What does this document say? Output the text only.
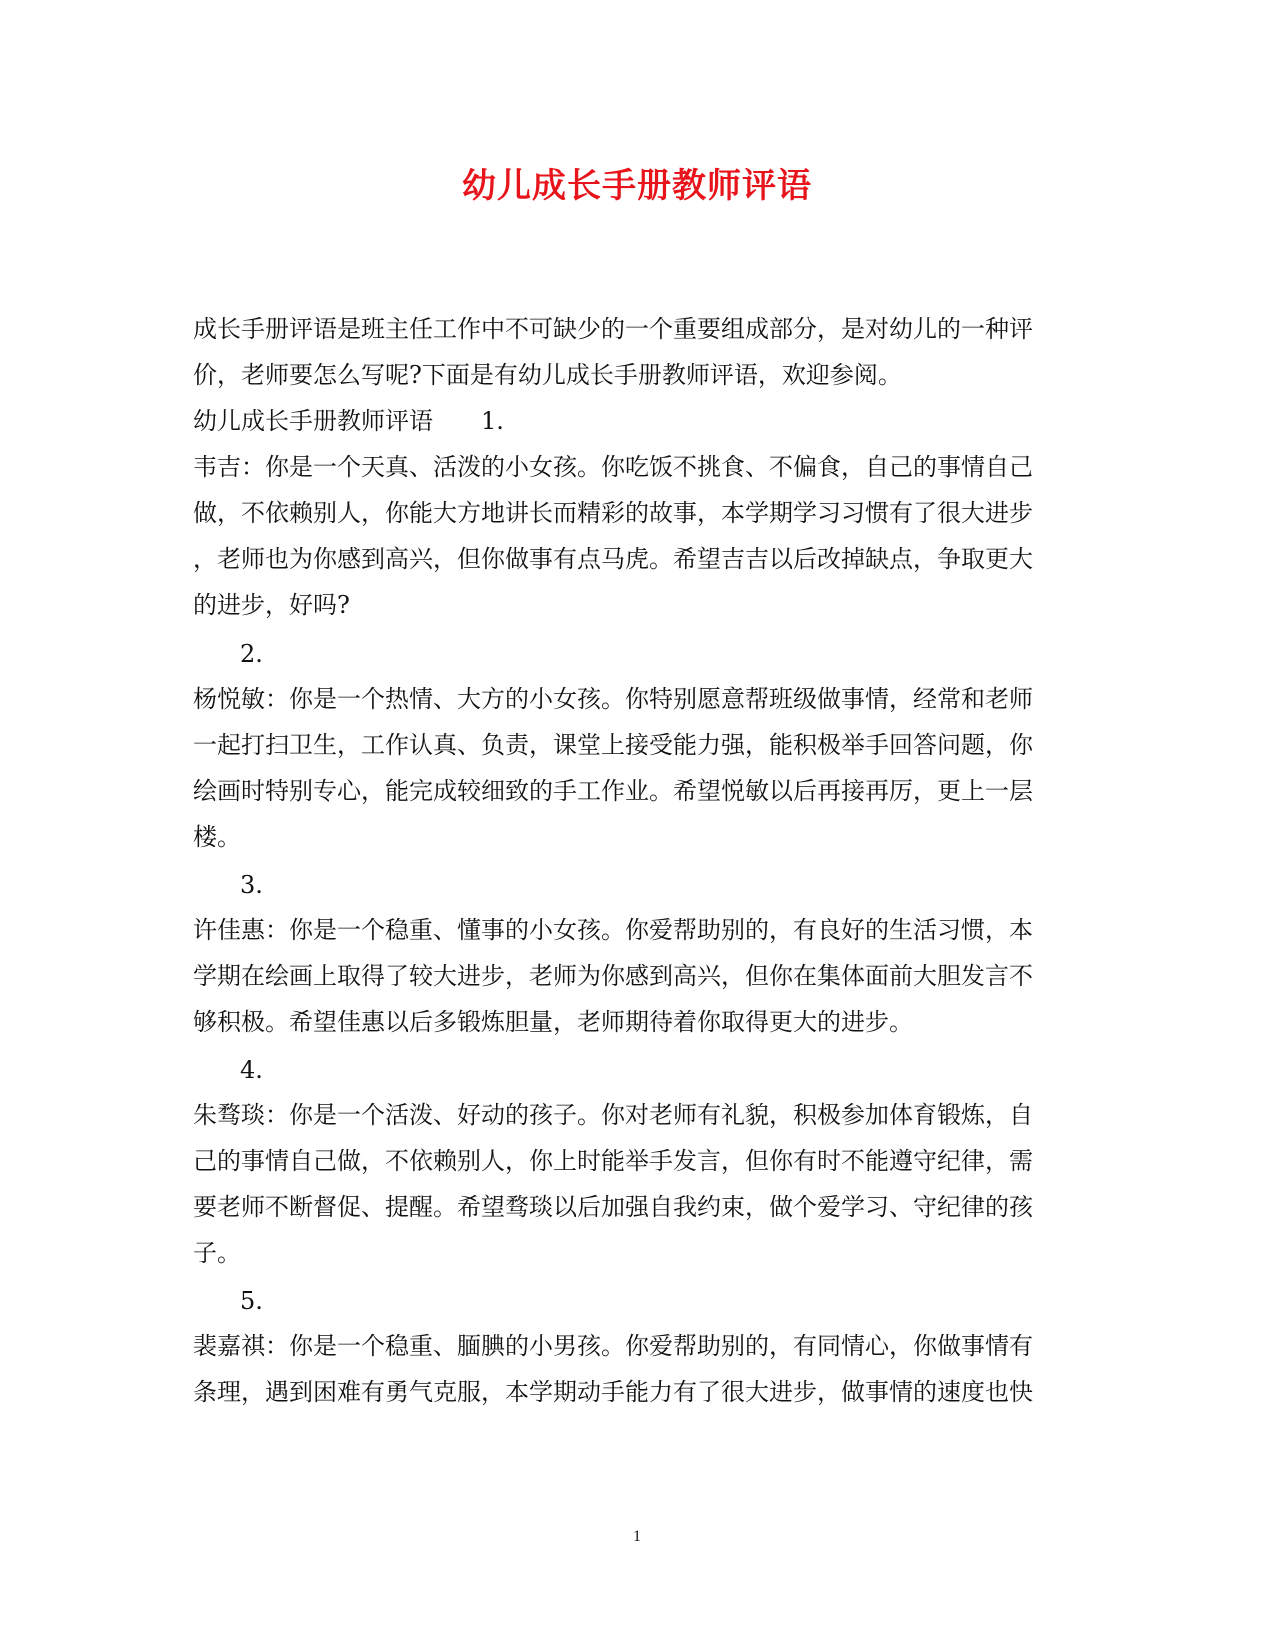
幼儿成长手册教师评语
成长手册评语是班主任工作中不可缺少的一个重要组成部分，是对幼儿的一种评
价，老师要怎么写呢?下面是有幼儿成长手册教师评语，欢迎参阅。
幼儿成长手册教师评语　　1.
韦吉：你是一个天真、活泼的小女孩。你吃饭不挑食、不偏食，自己的事情自己
做，不依赖别人，你能大方地讲长而精彩的故事，本学期学习习惯有了很大进步
，老师也为你感到高兴，但你做事有点马虎。希望吉吉以后改掉缺点，争取更大
的进步，好吗?
2.
杨悦敏：你是一个热情、大方的小女孩。你特别愿意帮班级做事情，经常和老师
一起打扫卫生，工作认真、负责，课堂上接受能力强，能积极举手回答问题，你
绘画时特别专心，能完成较细致的手工作业。希望悦敏以后再接再厉，更上一层
楼。
3.
许佳惠：你是一个稳重、懂事的小女孩。你爱帮助别的，有良好的生活习惯，本
学期在绘画上取得了较大进步，老师为你感到高兴，但你在集体面前大胆发言不
够积极。希望佳惠以后多锻炼胆量，老师期待着你取得更大的进步。
4.
朱骛琰：你是一个活泼、好动的孩子。你对老师有礼貌，积极参加体育锻炼，自
己的事情自己做，不依赖别人，你上时能举手发言，但你有时不能遵守纪律，需
要老师不断督促、提醒。希望骛琰以后加强自我约束，做个爱学习、守纪律的孩
子。
5.
裴嘉祺：你是一个稳重、腼腆的小男孩。你爱帮助别的，有同情心，你做事情有
条理，遇到困难有勇气克服，本学期动手能力有了很大进步，做事情的速度也快
1
